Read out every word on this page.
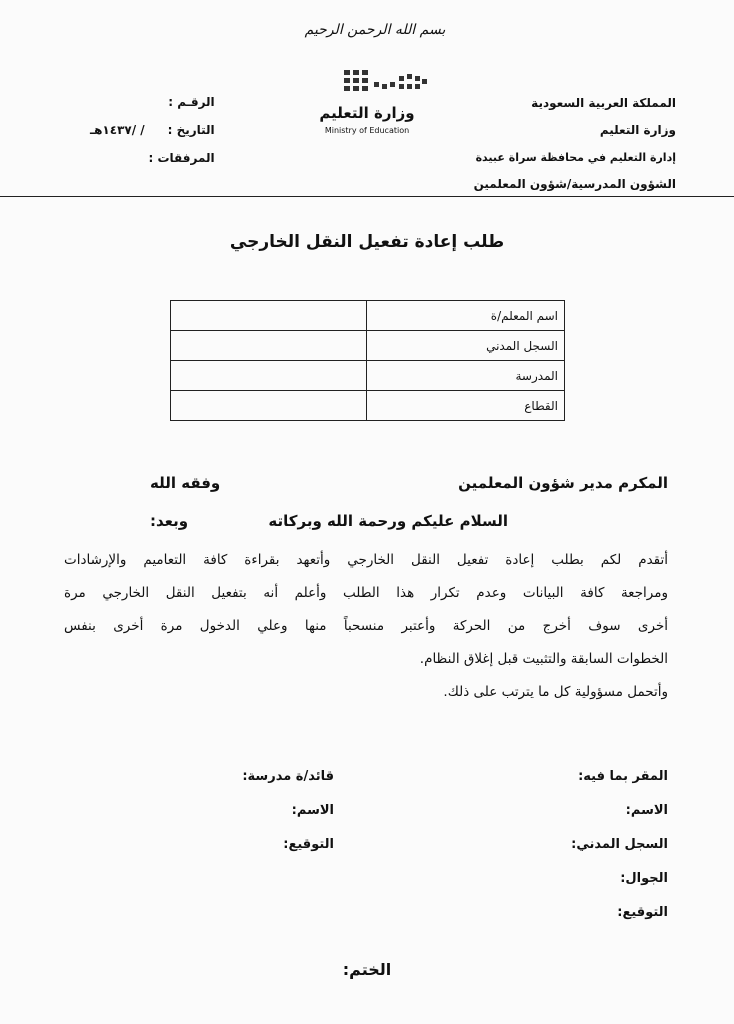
بسم الله الرحمن الرحيم
المملكة العربية السعودية
وزارة التعليم
إدارة التعليم في محافظة سراة عبيدة
الشؤون المدرسية/شؤون المعلمين
وزارة التعليم
Ministry of Education
الرقـم :
التاريخ :
/ /١٤٣٧هـ
المرفقات :
طلب إعادة تفعيل النقل الخارجي
اسم المعلم/ة	
السجل المدني	
المدرسة	
القطاع	
المكرم مدير شؤون المعلمين
وفقه الله
السلام عليكم ورحمة الله وبركاته
وبعد:

أتقدم لكم بطلب إعادة تفعيل النقل الخارجي وأتعهد بقراءة كافة التعاميم والإرشادات

ومراجعة كافة البيانات وعدم تكرار هذا الطلب وأعلم أنه بتفعيل النقل الخارجي مرة

أخرى سوف أخرج من الحركة وأعتبر منسحباً منها وعلي الدخول مرة أخرى بنفس

الخطوات السابقة والتثبيت قبل إغلاق النظام.

وأتحمل مسؤولية كل ما يترتب على ذلك.

المقر بما فيه:
الاسم:
السجل المدني:
الجوال:
التوقيع:
قائد/ة مدرسة:
الاسم:
التوقيع:
الختم:
